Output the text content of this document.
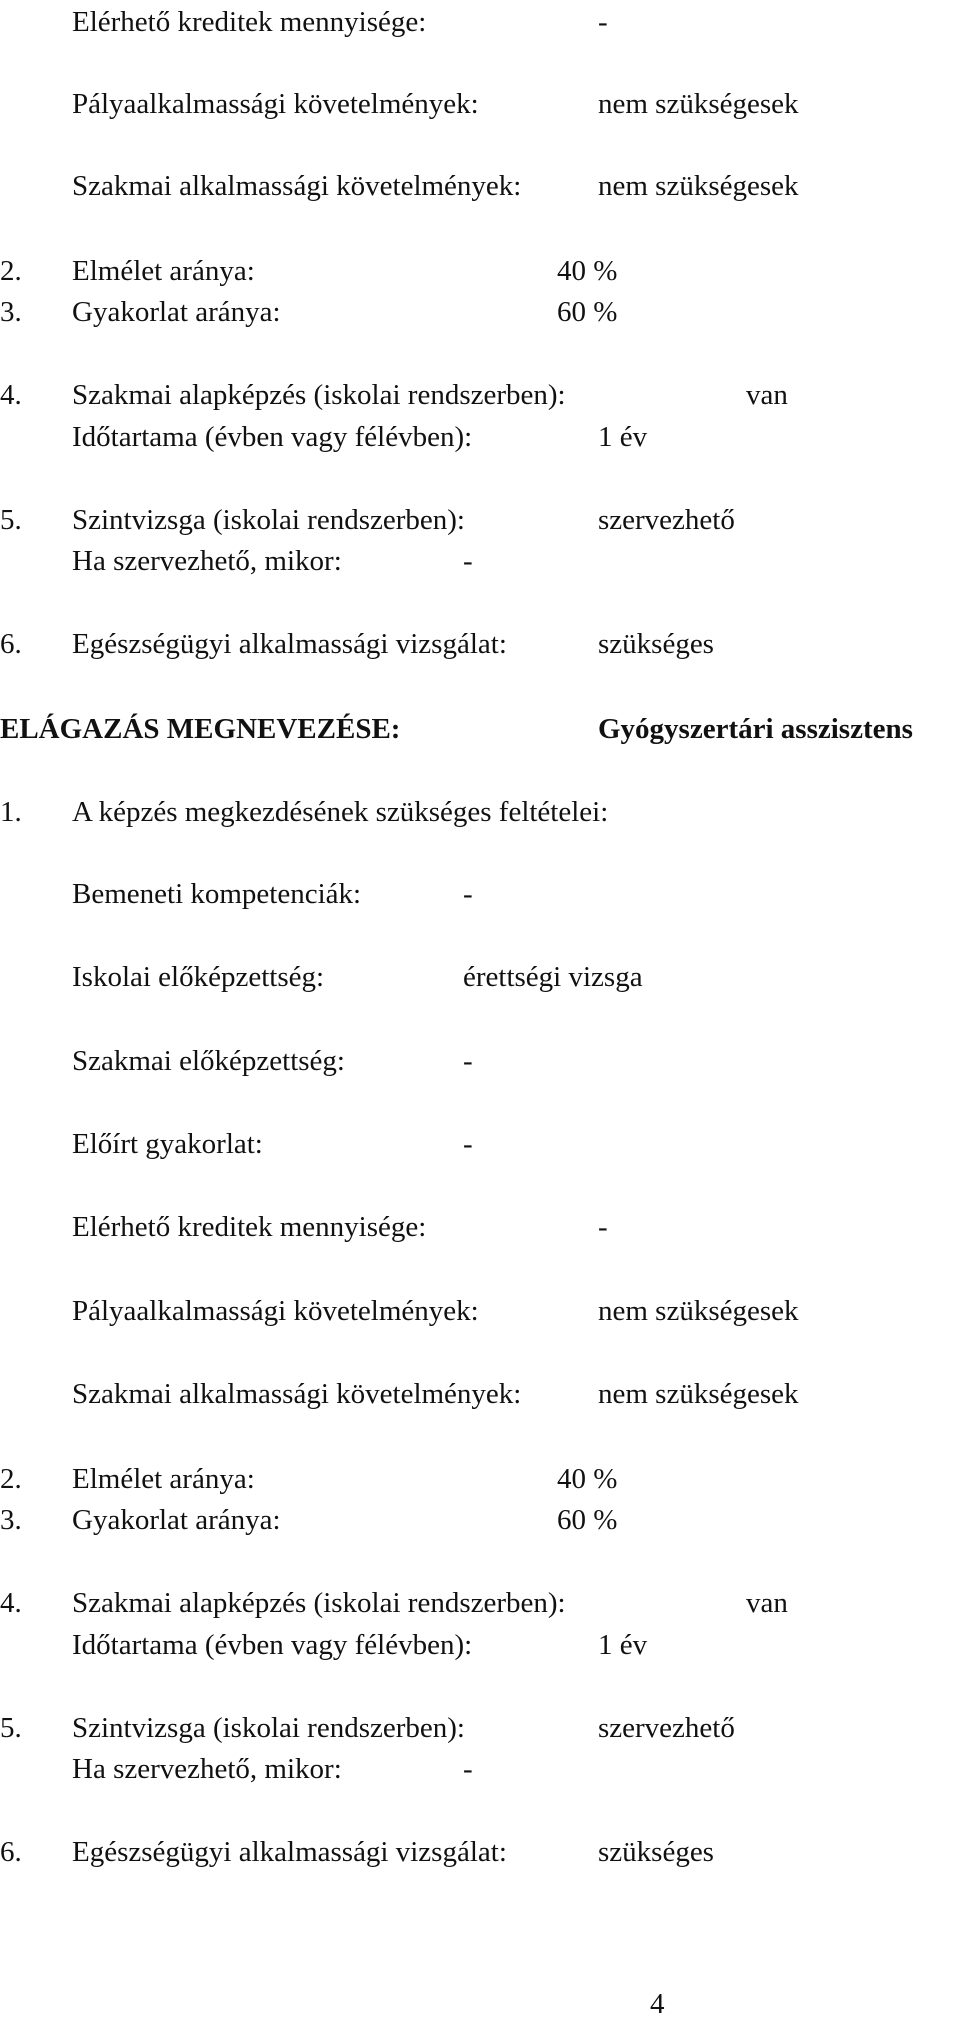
Elérhető kreditek mennyisége:	-
Pályaalkalmassági követelmények:	nem szükségesek
Szakmai alkalmassági követelmények:	nem szükségesek
2. Elmélet aránya:	40 %
3. Gyakorlat aránya:	60 %
4. Szakmai alapképzés (iskolai rendszerben):	van
Időtartama (évben vagy félévben):	1 év
5. Szintvizsga (iskolai rendszerben):	szervezhető
Ha szervezhető, mikor:	-
6. Egészségügyi alkalmassági vizsgálat:	szükséges
ELÁGAZÁS MEGNEVEZÉSE:	Gyógyszertári asszisztens
1. A képzés megkezdésének szükséges feltételei:
Bemeneti kompetenciák:	-
Iskolai előképzettség:	érettségi vizsga
Szakmai előképzettség:	-
Előírt gyakorlat:	-
Elérhető kreditek mennyisége:	-
Pályaalkalmassági követelmények:	nem szükségesek
Szakmai alkalmassági követelmények:	nem szükségesek
2. Elmélet aránya:	40 %
3. Gyakorlat aránya:	60 %
4. Szakmai alapképzés (iskolai rendszerben):	van
Időtartama (évben vagy félévben):	1 év
5. Szintvizsga (iskolai rendszerben):	szervezhető
Ha szervezhető, mikor:	-
6. Egészségügyi alkalmassági vizsgálat:	szükséges
4
